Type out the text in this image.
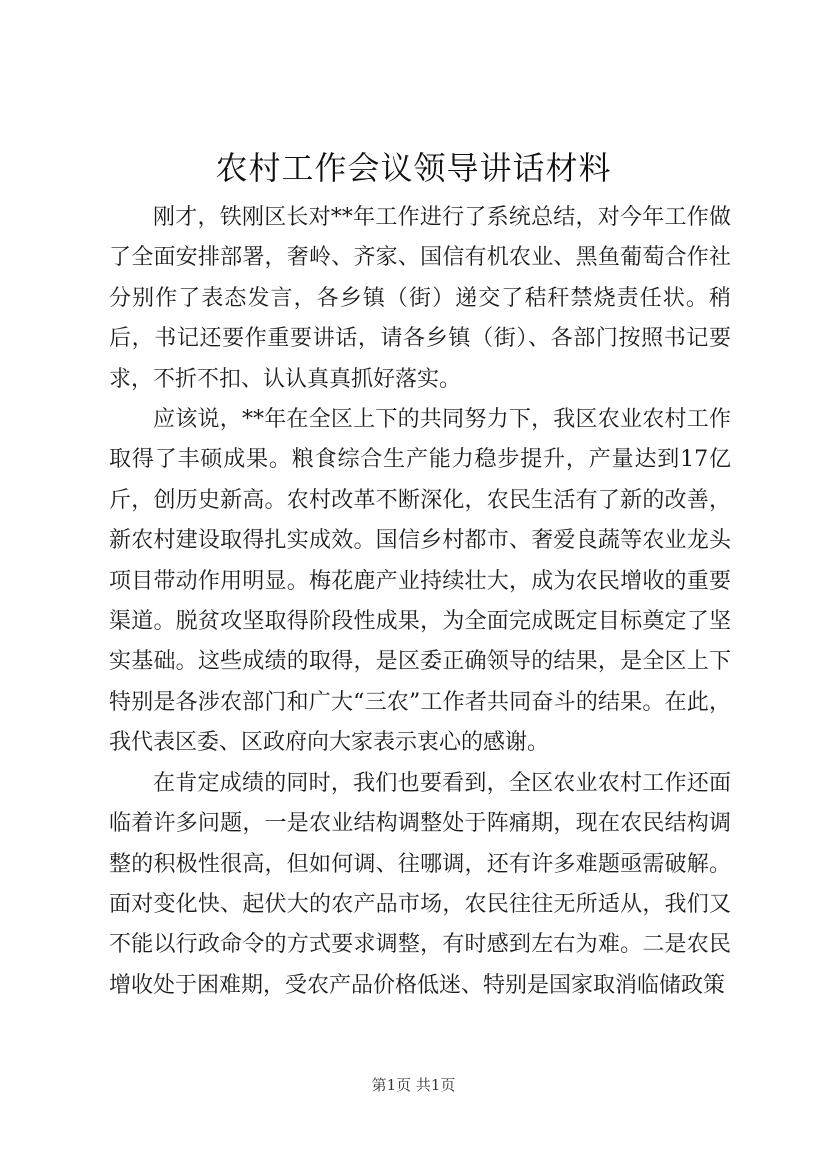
农村工作会议领导讲话材料

刚才，铁刚区长对**年工作进行了系统总结，对今年工作做了全面安排部署，奢岭、齐家、国信有机农业、黑鱼葡萄合作社分别作了表态发言，各乡镇（街）递交了秸秆禁烧责任状。稍后，书记还要作重要讲话，请各乡镇（街）、各部门按照书记要求，不折不扣、认认真真抓好落实。

应该说，**年在全区上下的共同努力下，我区农业农村工作取得了丰硕成果。粮食综合生产能力稳步提升，产量达到17亿斤，创历史新高。农村改革不断深化，农民生活有了新的改善，新农村建设取得扎实成效。国信乡村都市、奢爱良蔬等农业龙头项目带动作用明显。梅花鹿产业持续壮大，成为农民增收的重要渠道。脱贫攻坚取得阶段性成果，为全面完成既定目标奠定了坚实基础。这些成绩的取得，是区委正确领导的结果，是全区上下特别是各涉农部门和广大“三农”工作者共同奋斗的结果。在此，我代表区委、区政府向大家表示衷心的感谢。

在肯定成绩的同时，我们也要看到，全区农业农村工作还面临着许多问题，一是农业结构调整处于阵痛期，现在农民结构调整的积极性很高，但如何调、往哪调，还有许多难题亟需破解。面对变化快、起伏大的农产品市场，农民往往无所适从，我们又不能以行政命令的方式要求调整，有时感到左右为难。二是农民增收处于困难期，受农产品价格低迷、特别是国家取消临储政策

第1页 共1页
